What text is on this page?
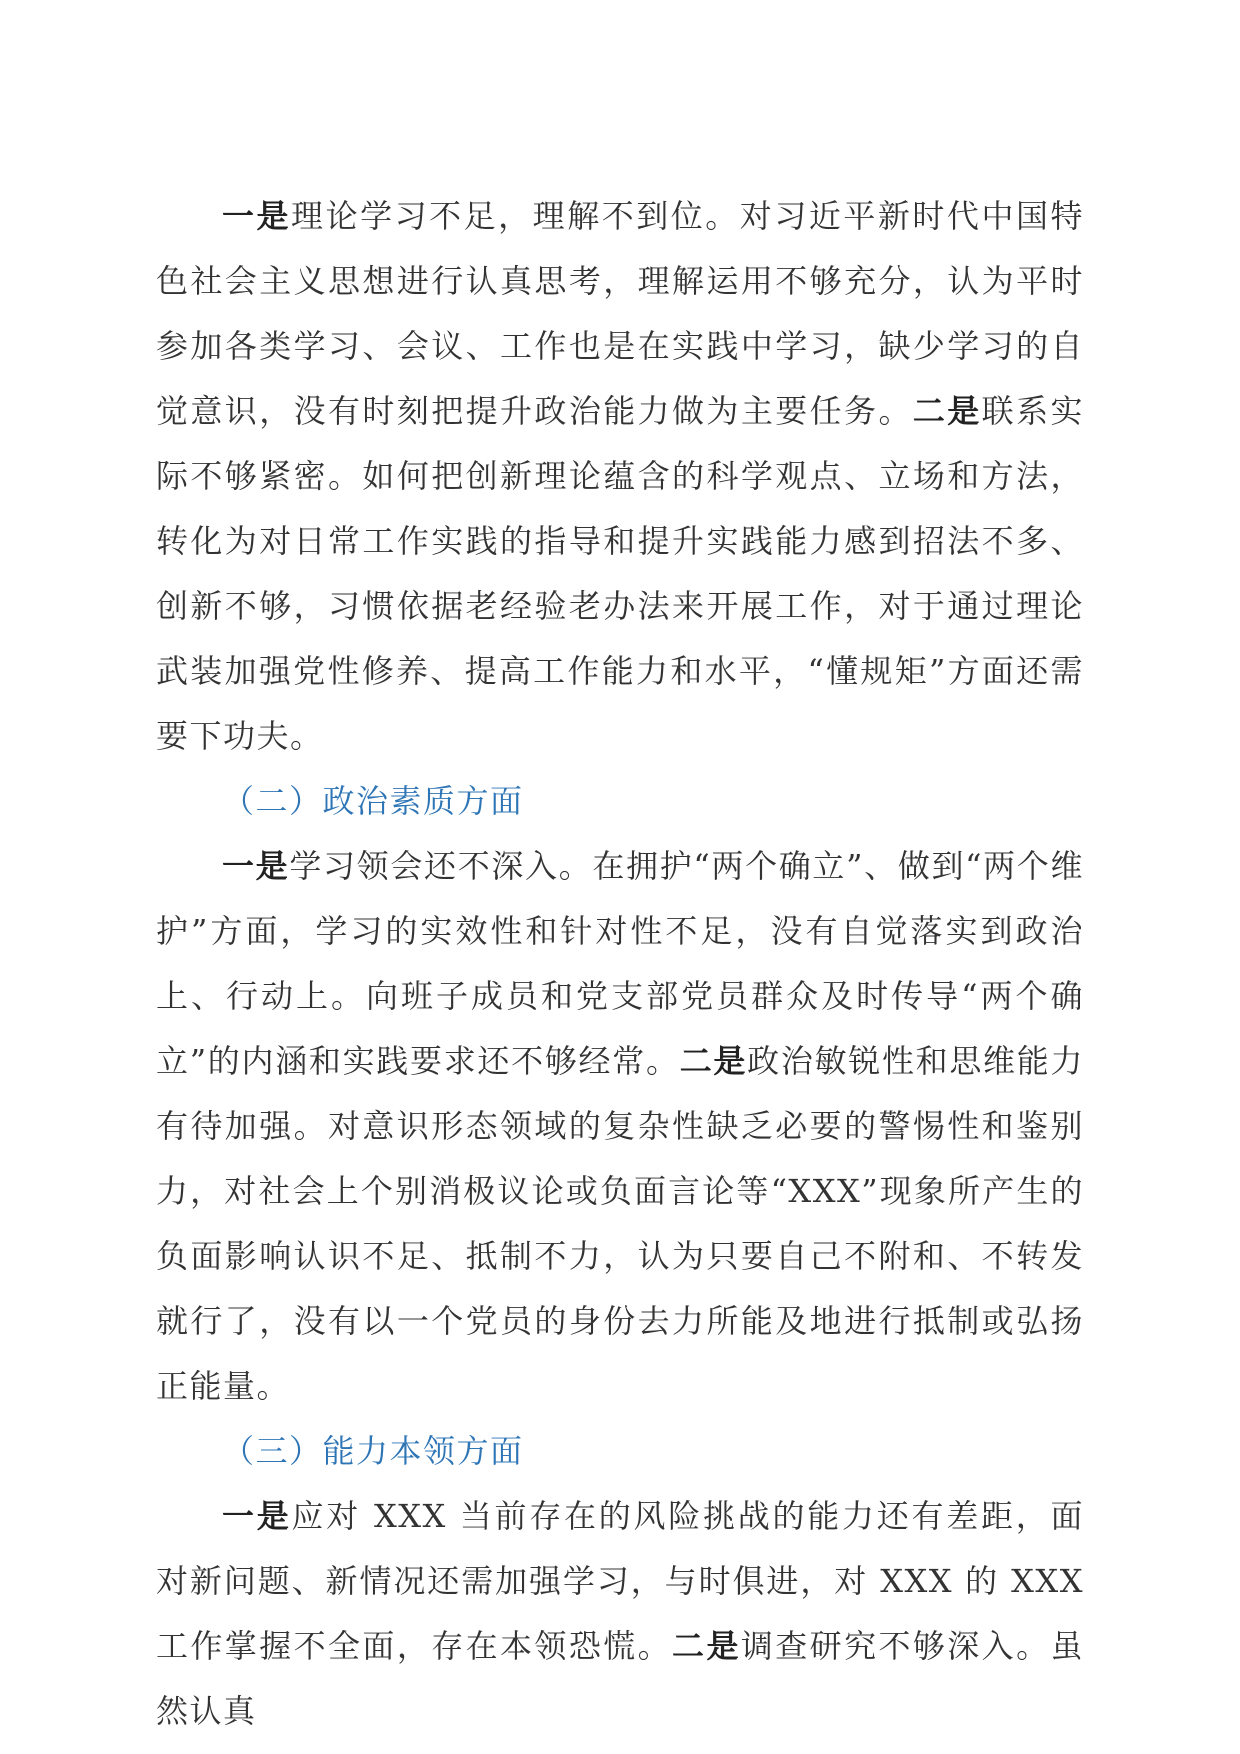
一是理论学习不足，理解不到位。对习近平新时代中国特色社会主义思想进行认真思考，理解运用不够充分，认为平时参加各类学习、会议、工作也是在实践中学习，缺少学习的自觉意识，没有时刻把提升政治能力做为主要任务。二是联系实际不够紧密。如何把创新理论蕴含的科学观点、立场和方法，转化为对日常工作实践的指导和提升实践能力感到招法不多、创新不够，习惯依据老经验老办法来开展工作，对于通过理论武装加强党性修养、提高工作能力和水平，“懂规矩”方面还需要下功夫。

（二）政治素质方面

一是学习领会还不深入。在拥护“两个确立”、做到“两个维护”方面，学习的实效性和针对性不足，没有自觉落实到政治上、行动上。向班子成员和党支部党员群众及时传导“两个确立”的内涵和实践要求还不够经常。二是政治敏锐性和思维能力有待加强。对意识形态领域的复杂性缺乏必要的警惕性和鉴别力，对社会上个别消极议论或负面言论等“XXX”现象所产生的负面影响认识不足、抵制不力，认为只要自己不附和、不转发就行了，没有以一个党员的身份去力所能及地进行抵制或弘扬正能量。

（三）能力本领方面

一是应对 XXX 当前存在的风险挑战的能力还有差距，面对新问题、新情况还需加强学习，与时俱进，对 XXX 的 XXX 工作掌握不全面，存在本领恐慌。二是调查研究不够深入。虽然认真
